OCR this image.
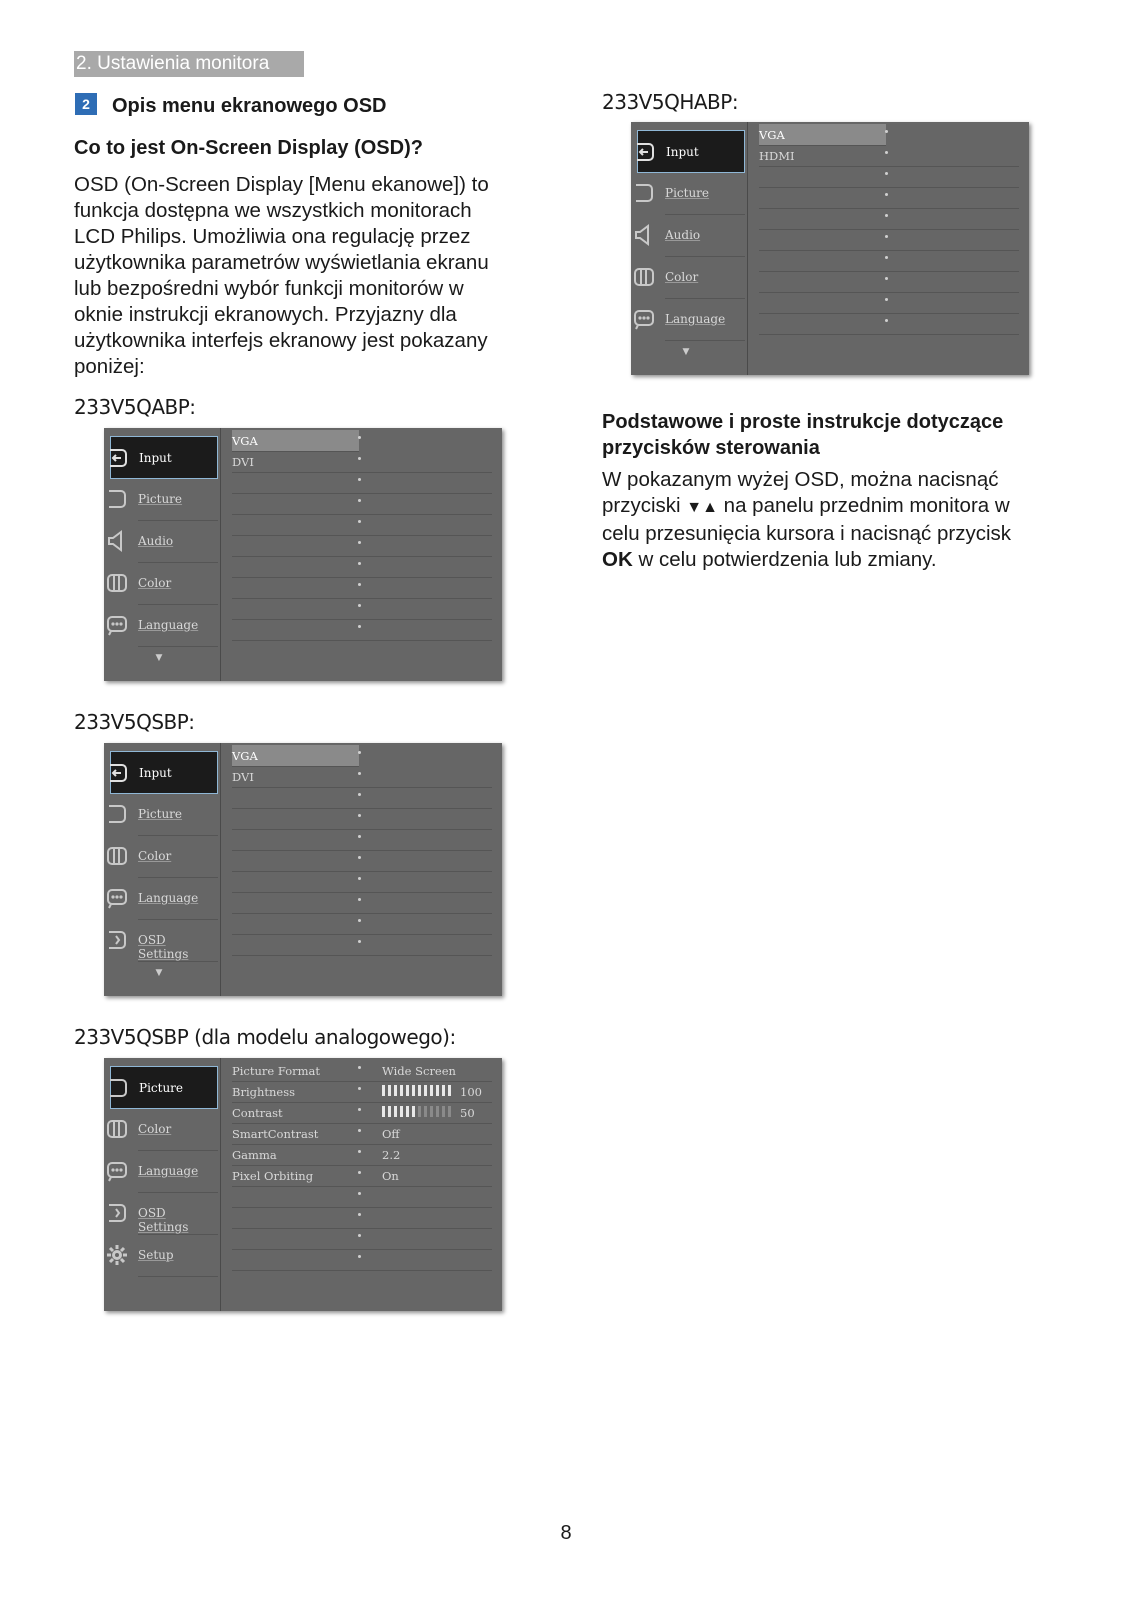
2. Ustawienia monitora
2	Opis menu ekranowego OSD
Co to jest On-Screen Display (OSD)?
OSD (On-Screen Display [Menu ekanowe]) to
funkcja dostępna we wszystkich monitorach
LCD Philips. Umożliwia ona regulację przez
użytkownika parametrów wyświetlania ekranu
lub bezpośredni wybór funkcji monitorów w
oknie instrukcji ekranowych. Przyjazny dla
użytkownika interfejs ekranowy jest pokazany
poniżej:
233V5QABP:
233V5QSBP:
233V5QSBP (dla modelu analogowego):
233V5QHABP:
Input
Picture
Audio
Color
Language
▼
VGA
DVI
Input
Picture
Color
Language
OSD Settings
▼
VGA
DVI
Picture
Color
Language
OSD Settings
Setup
Picture Format	Wide Screen
Brightness	100
Contrast	50
SmartContrast	Off
Gamma	2.2
Pixel Orbiting	On
Input
Picture
Audio
Color
Language
▼
VGA
HDMI
Podstawowe i proste instrukcje dotyczące
przycisków sterowania
W pokazanym wyżej OSD, można nacisnąć
przyciski ▼▲ na panelu przednim monitora w
celu przesunięcia kursora i nacisnąć przycisk
OK w celu potwierdzenia lub zmiany.
8
